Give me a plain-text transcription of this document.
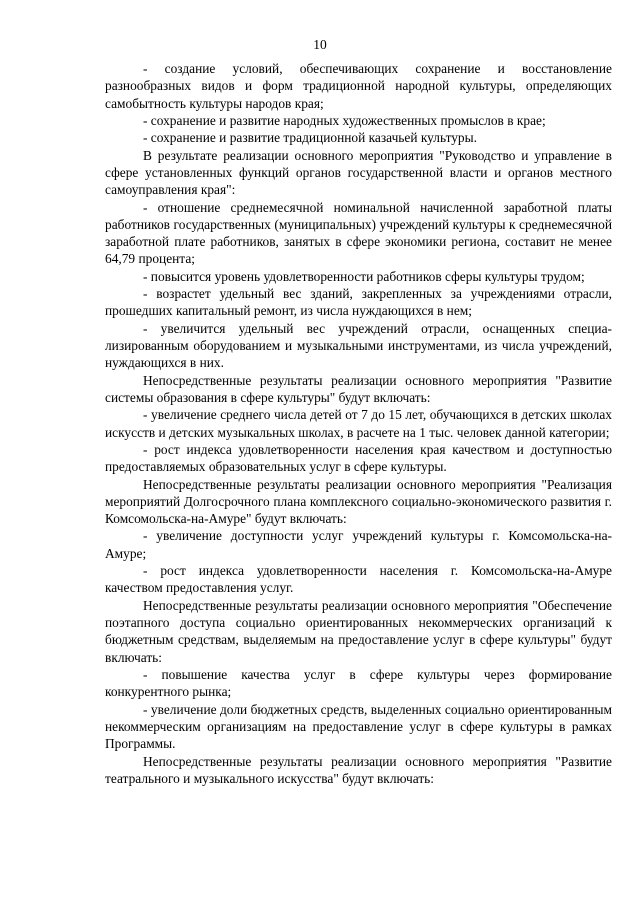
10

- создание условий, обеспечивающих сохранение и восстановление разнообразных видов и форм традиционной народной культуры, определяющих самобытность культуры народов края;

- сохранение и развитие народных художественных промыслов в крае;

- сохранение и развитие традиционной казачьей культуры.

В результате реализации основного мероприятия "Руководство и управление в сфере установленных функций органов государственной власти и органов местного самоуправления края":

- отношение среднемесячной номинальной начисленной заработной платы работников государственных (муниципальных) учреждений культуры к среднемесячной заработной плате работников, занятых в сфере экономики региона, составит не менее 64,79 процента;

- повысится уровень удовлетворенности работников сферы культуры трудом;

- возрастет удельный вес зданий, закрепленных за учреждениями отрасли, прошедших капитальный ремонт, из числа нуждающихся в нем;

- увеличится удельный вес учреждений отрасли, оснащенных специализированным оборудованием и музыкальными инструментами, из числа учреждений, нуждающихся в них.

Непосредственные результаты реализации основного мероприятия "Развитие системы образования в сфере культуры" будут включать:

- увеличение среднего числа детей от 7 до 15 лет, обучающихся в детских школах искусств и детских музыкальных школах, в расчете на 1 тыс. человек данной категории;

- рост индекса удовлетворенности населения края качеством и доступностью предоставляемых образовательных услуг в сфере культуры.

Непосредственные результаты реализации основного мероприятия "Реализация мероприятий Долгосрочного плана комплексного социально-экономического развития г. Комсомольска-на-Амуре" будут включать:

- увеличение доступности услуг учреждений культуры г. Комсомольска-на-Амуре;

- рост индекса удовлетворенности населения г. Комсомольска-на-Амуре качеством предоставления услуг.

Непосредственные результаты реализации основного мероприятия "Обеспечение поэтапного доступа социально ориентированных некоммерческих организаций к бюджетным средствам, выделяемым на предоставление услуг в сфере культуры" будут включать:

- повышение качества услуг в сфере культуры через формирование конкурентного рынка;

- увеличение доли бюджетных средств, выделенных социально ориентированным некоммерческим организациям на предоставление услуг в сфере культуры в рамках Программы.

Непосредственные результаты реализации основного мероприятия "Развитие театрального и музыкального искусства" будут включать:
